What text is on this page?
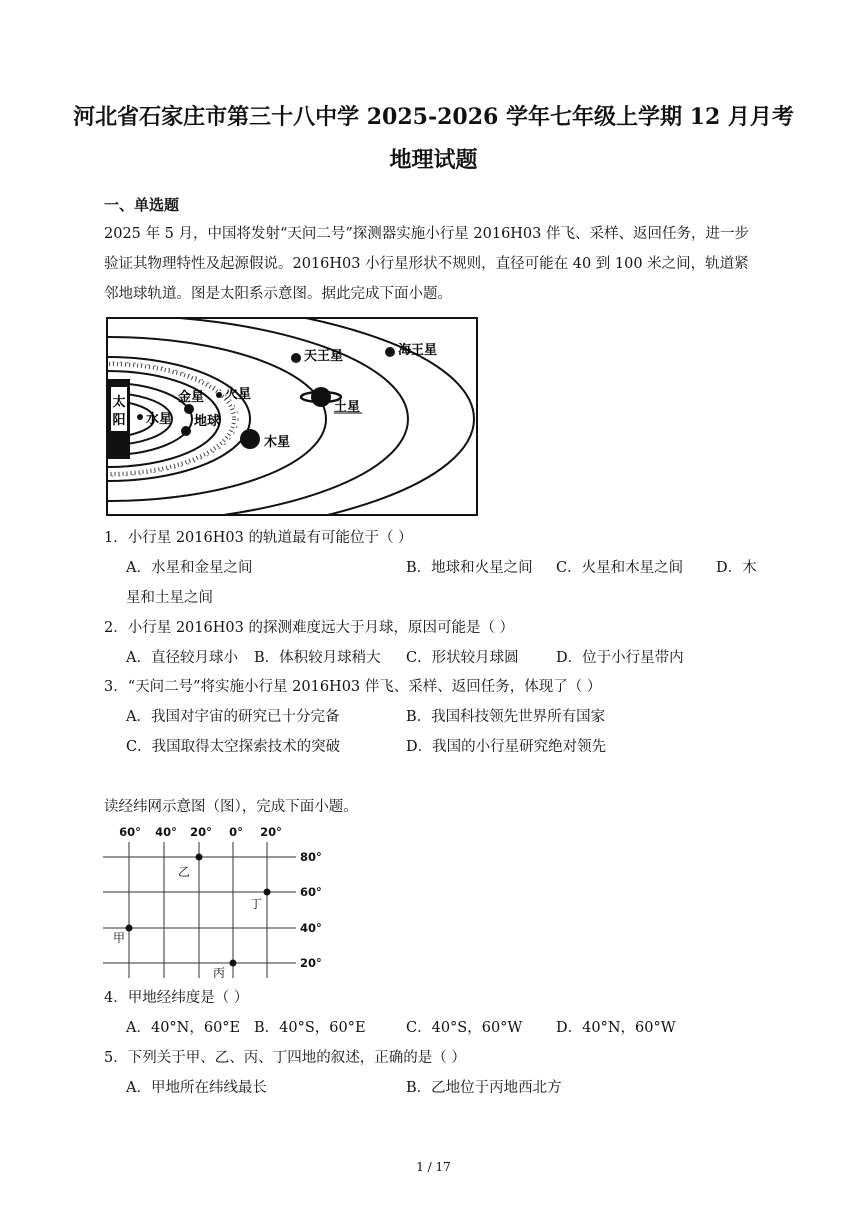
河北省石家庄市第三十八中学 2025-2026 学年七年级上学期 12 月月考
地理试题
一、单选题
2025 年 5 月，中国将发射“天问二号”探测器实施小行星 2016H03 伴飞、采样、返回任务，进一步
验证其物理特性及起源假说。2016H03 小行星形状不规则，直径可能在 40 到 100 米之间，轨道紧
邻地球轨道。图是太阳系示意图。据此完成下面小题。
太
阳 水星
金星
地球
火星
木星
土星
天王星	海王星
1．小行星 2016H03 的轨道最有可能位于（ ）
A．水星和金星之间	B．地球和火星之间 C．火星和木星之间 D．木
星和土星之间
2．小行星 2016H03 的探测难度远大于月球，原因可能是（ ）
A．直径较月球小 B．体积较月球稍大 C．形状较月球圆	D．位于小行星带内
3．“天问二号”将实施小行星 2016H03 伴飞、采样、返回任务，体现了（ ）
A．我国对宇宙的研究已十分完备	B．我国科技领先世界所有国家
C．我国取得太空探索技术的突破	D．我国的小行星研究绝对领先
读经纬网示意图（图），完成下面小题。
60° 40° 20° 0° 20°
80°
60°
40°
20°
甲
乙
丙
丁
4．甲地经纬度是（ ）
A．40°N，60°E B．40°S，60°E	C．40°S，60°W D．40°N，60°W
5．下列关于甲、乙、丙、丁四地的叙述，正确的是（ ）
A．甲地所在纬线最长	B．乙地位于丙地西北方
1 / 17
